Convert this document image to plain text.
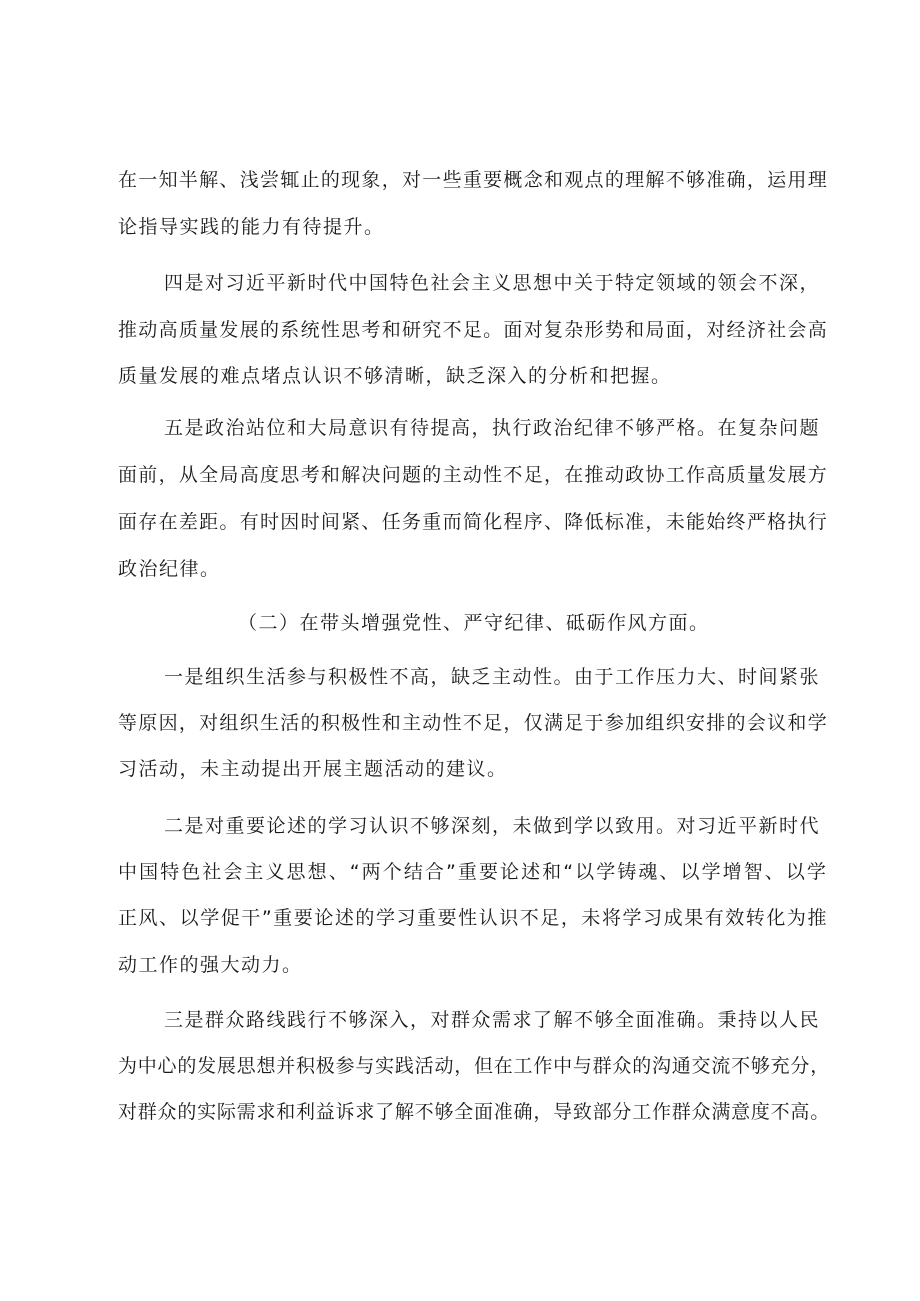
在一知半解、浅尝辄止的现象，对一些重要概念和观点的理解不够准确，运用理
论指导实践的能力有待提升。
四是对习近平新时代中国特色社会主义思想中关于特定领域的领会不深，
推动高质量发展的系统性思考和研究不足。面对复杂形势和局面，对经济社会高
质量发展的难点堵点认识不够清晰，缺乏深入的分析和把握。
五是政治站位和大局意识有待提高，执行政治纪律不够严格。在复杂问题
面前，从全局高度思考和解决问题的主动性不足，在推动政协工作高质量发展方
面存在差距。有时因时间紧、任务重而简化程序、降低标准，未能始终严格执行
政治纪律。
（二）在带头增强党性、严守纪律、砥砺作风方面。
一是组织生活参与积极性不高，缺乏主动性。由于工作压力大、时间紧张
等原因，对组织生活的积极性和主动性不足，仅满足于参加组织安排的会议和学
习活动，未主动提出开展主题活动的建议。
二是对重要论述的学习认识不够深刻，未做到学以致用。对习近平新时代
中国特色社会主义思想、“两个结合”重要论述和“以学铸魂、以学增智、以学
正风、以学促干”重要论述的学习重要性认识不足，未将学习成果有效转化为推
动工作的强大动力。
三是群众路线践行不够深入，对群众需求了解不够全面准确。秉持以人民
为中心的发展思想并积极参与实践活动，但在工作中与群众的沟通交流不够充分，
对群众的实际需求和利益诉求了解不够全面准确，导致部分工作群众满意度不高。
